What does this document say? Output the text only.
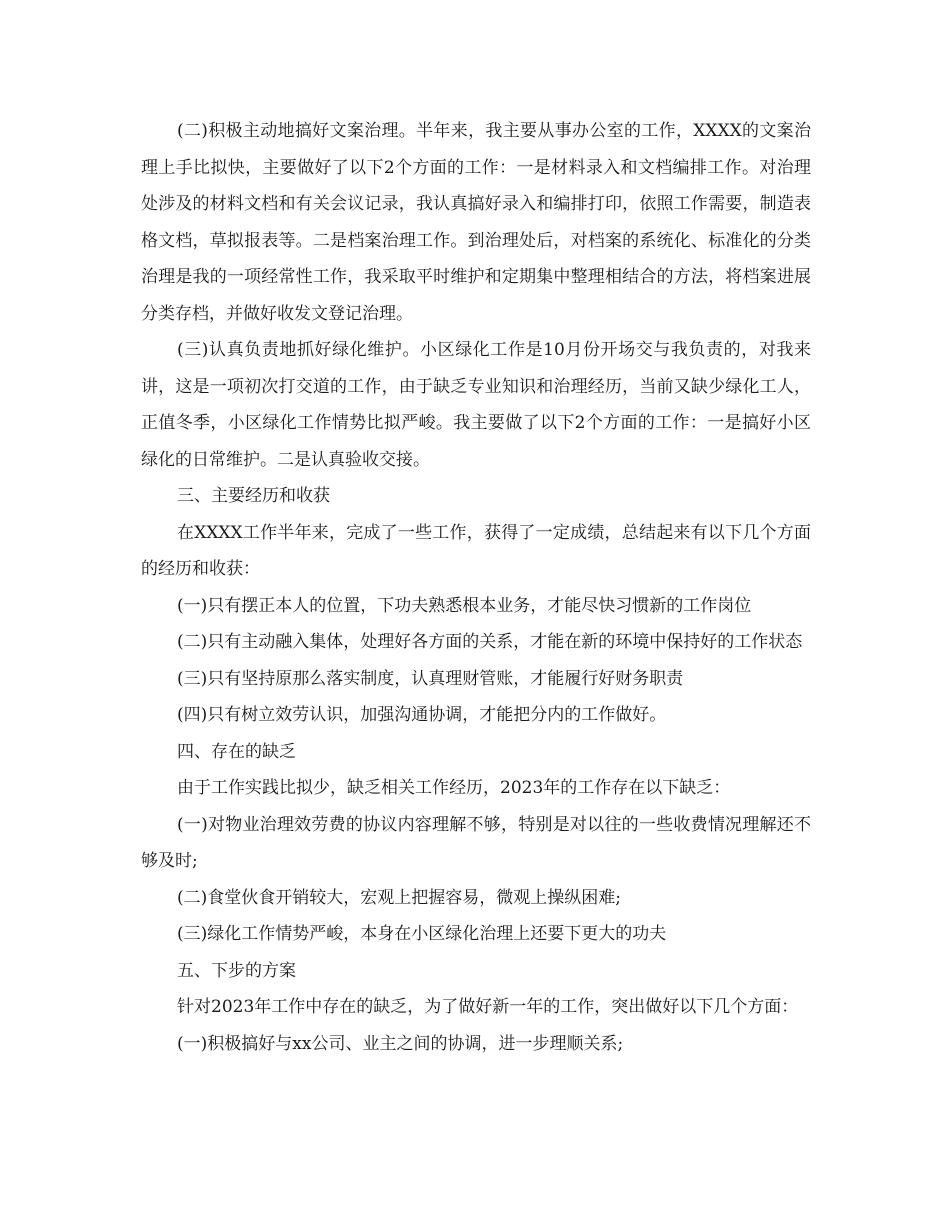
(二)积极主动地搞好文案治理。半年来，我主要从事办公室的工作，XXXX的文案治理上手比拟快，主要做好了以下2个方面的工作：一是材料录入和文档编排工作。对治理处涉及的材料文档和有关会议记录，我认真搞好录入和编排打印，依照工作需要，制造表格文档，草拟报表等。二是档案治理工作。到治理处后，对档案的系统化、标准化的分类治理是我的一项经常性工作，我采取平时维护和定期集中整理相结合的方法，将档案进展分类存档，并做好收发文登记治理。

(三)认真负责地抓好绿化维护。小区绿化工作是10月份开场交与我负责的，对我来讲，这是一项初次打交道的工作，由于缺乏专业知识和治理经历，当前又缺少绿化工人，正值冬季，小区绿化工作情势比拟严峻。我主要做了以下2个方面的工作：一是搞好小区绿化的日常维护。二是认真验收交接。

三、主要经历和收获

在XXXX工作半年来，完成了一些工作，获得了一定成绩，总结起来有以下几个方面的经历和收获：

(一)只有摆正本人的位置，下功夫熟悉根本业务，才能尽快习惯新的工作岗位

(二)只有主动融入集体，处理好各方面的关系，才能在新的环境中保持好的工作状态

(三)只有坚持原那么落实制度，认真理财管账，才能履行好财务职责

(四)只有树立效劳认识，加强沟通协调，才能把分内的工作做好。

四、存在的缺乏

由于工作实践比拟少，缺乏相关工作经历，2023年的工作存在以下缺乏：

(一)对物业治理效劳费的协议内容理解不够，特别是对以往的一些收费情况理解还不够及时;

(二)食堂伙食开销较大，宏观上把握容易，微观上操纵困难;

(三)绿化工作情势严峻，本身在小区绿化治理上还要下更大的功夫

五、下步的方案

针对2023年工作中存在的缺乏，为了做好新一年的工作，突出做好以下几个方面：

(一)积极搞好与xx公司、业主之间的协调，进一步理顺关系;
